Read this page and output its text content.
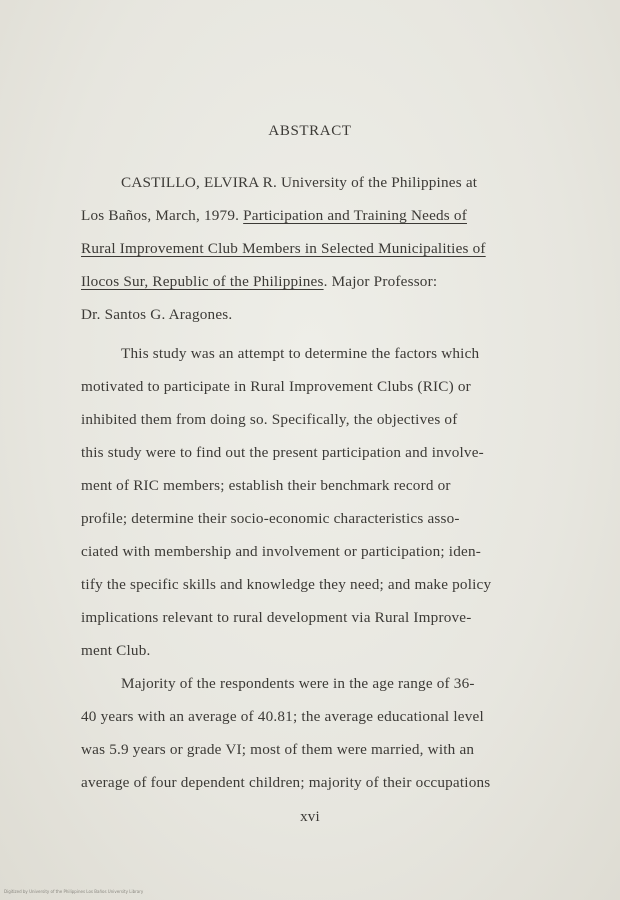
ABSTRACT
CASTILLO, ELVIRA R. University of the Philippines at
Los Baños, March, 1979. Participation and Training Needs of
Rural Improvement Club Members in Selected Municipalities of
Ilocos Sur, Republic of the Philippines. Major Professor:
Dr. Santos G. Aragones.
This study was an attempt to determine the factors which
motivated to participate in Rural Improvement Clubs (RIC) or
inhibited them from doing so. Specifically, the objectives of
this study were to find out the present participation and involve-
ment of RIC members; establish their benchmark record or
profile; determine their socio-economic characteristics asso-
ciated with membership and involvement or participation; iden-
tify the specific skills and knowledge they need; and make policy
implications relevant to rural development via Rural Improve-
ment Club.
Majority of the respondents were in the age range of 36-
40 years with an average of 40.81; the average educational level
was 5.9 years or grade VI; most of them were married, with an
average of four dependent children; majority of their occupations
xvi
Digitized by University of the Philippines Los Baños University Library
